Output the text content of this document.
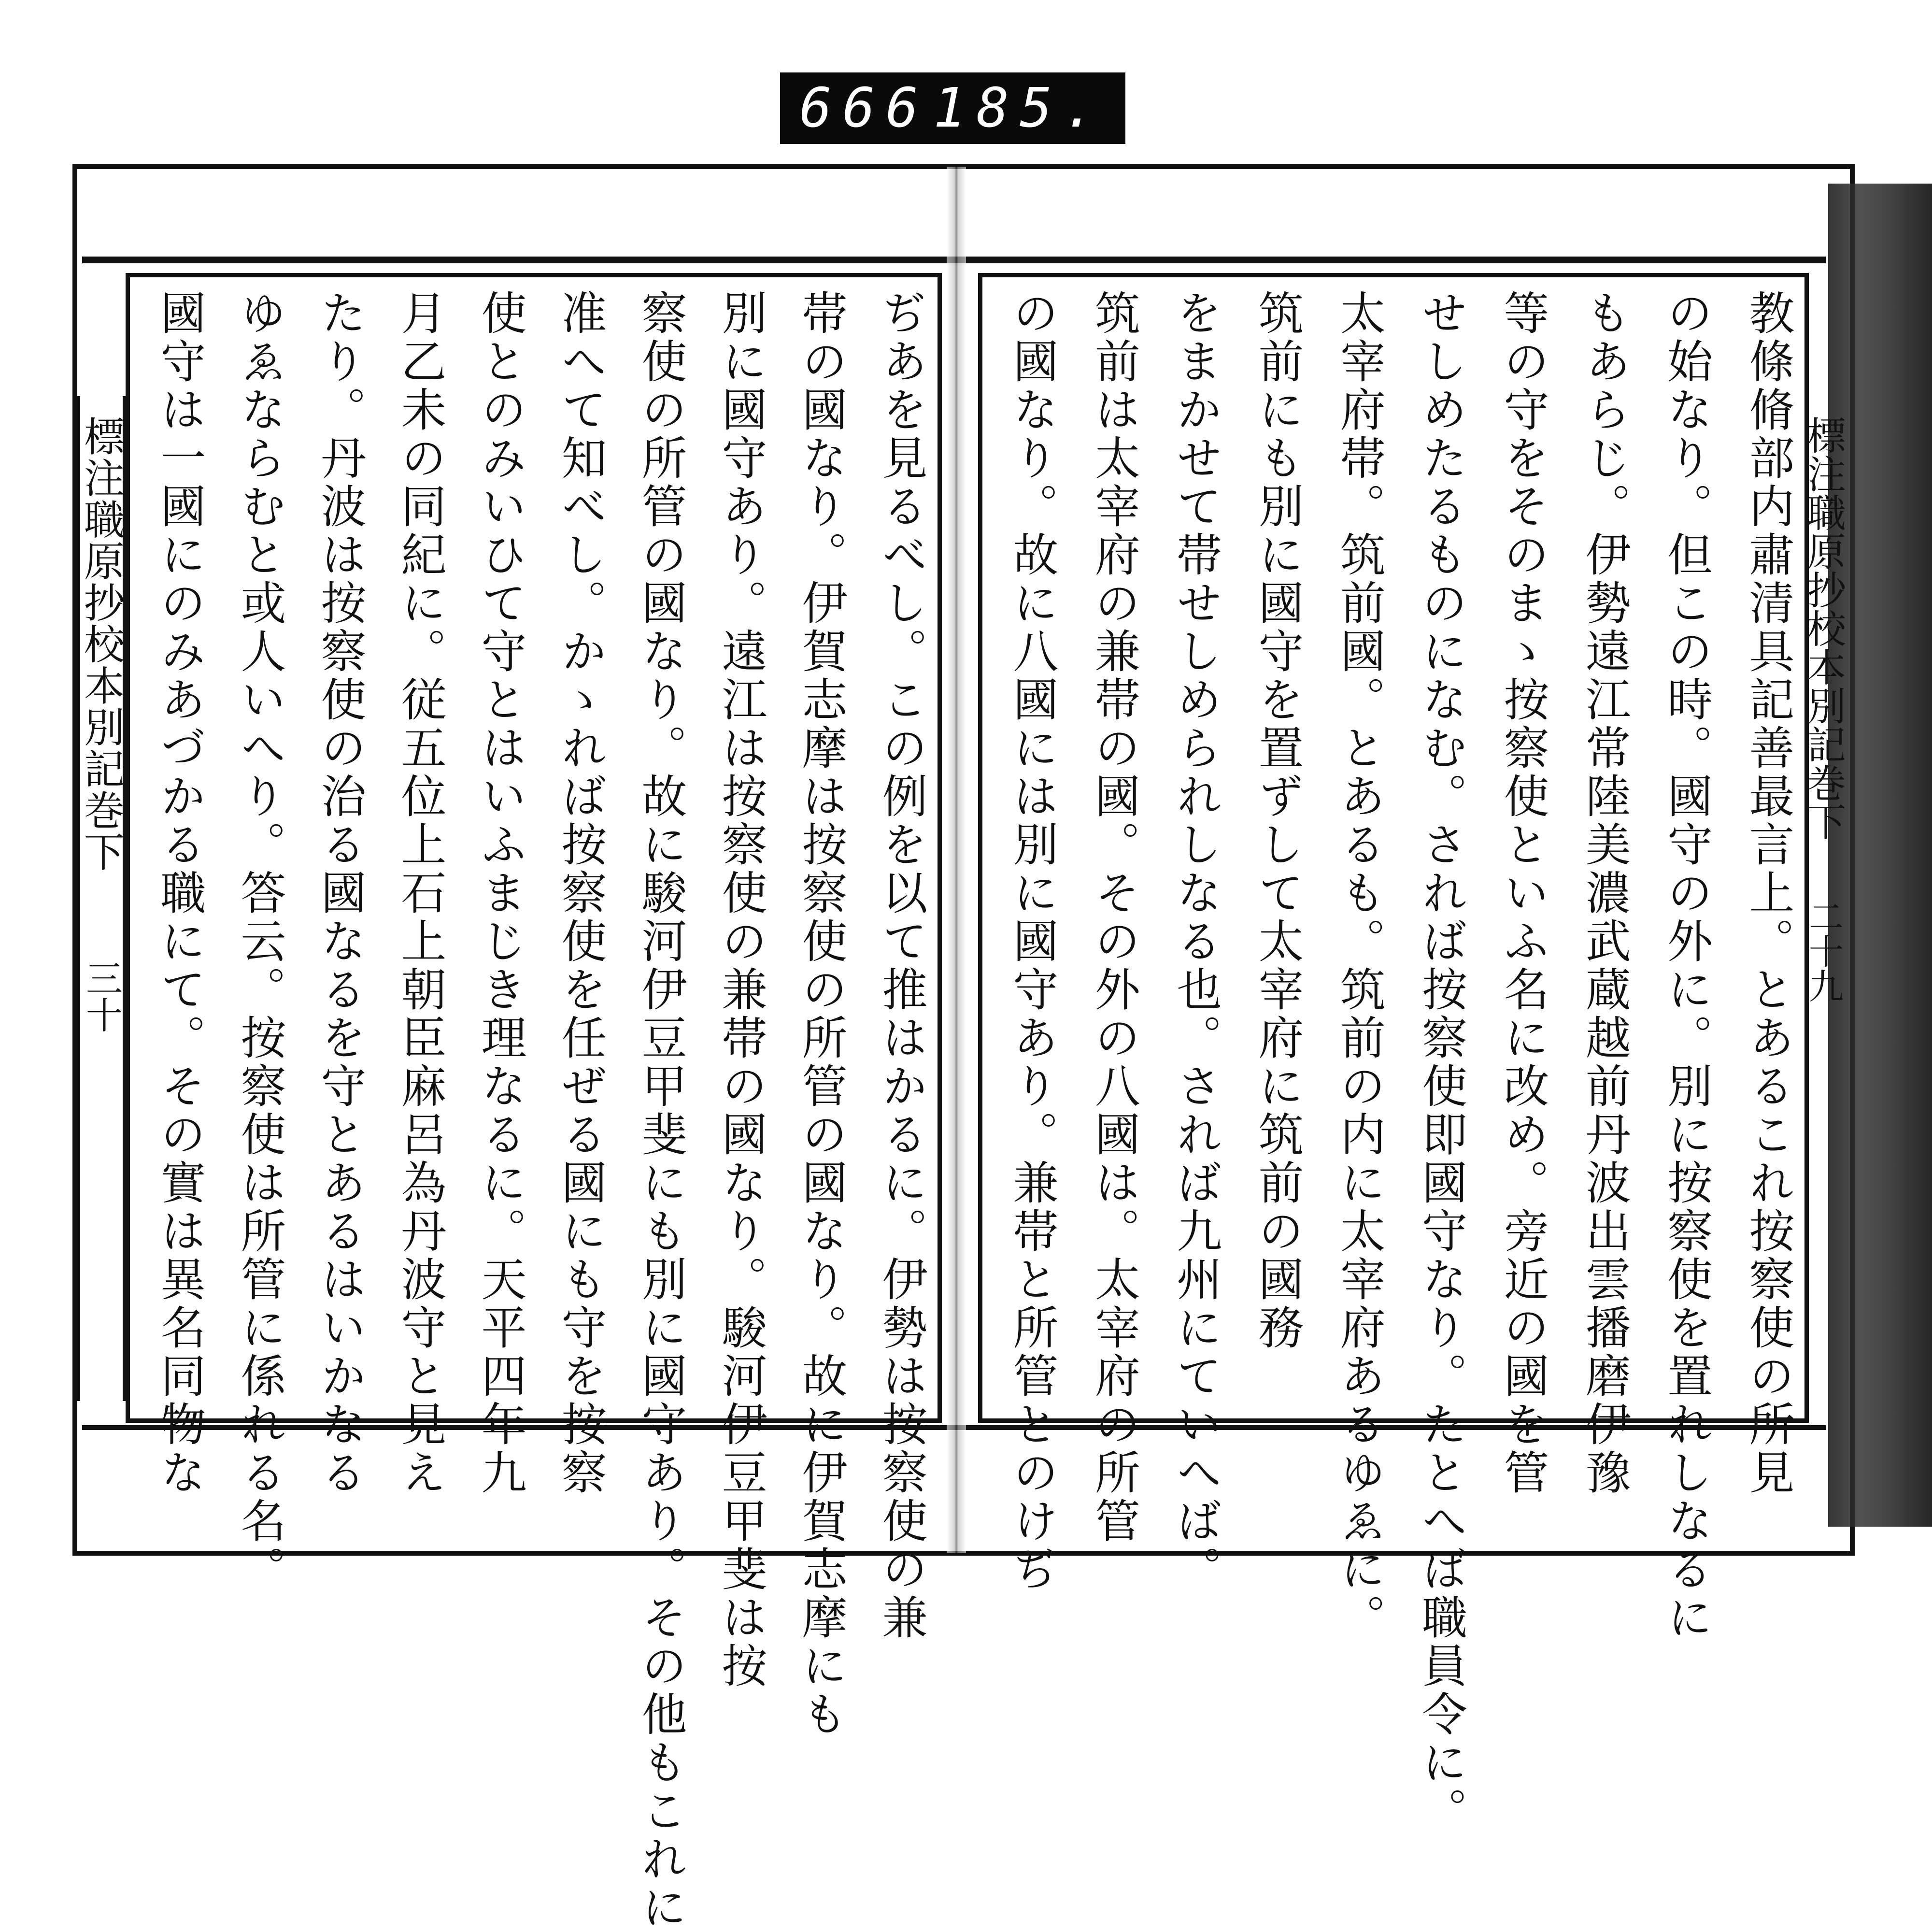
666 185.
標注職原抄校本別記巻下
三十	ぢあを見るべし。この例を以て推はかるに。伊勢は按察使の兼
帯の國なり。伊賀志摩は按察使の所管の國なり。故に伊賀志摩にも
別に國守あり。遠江は按察使の兼帯の國なり。駿河伊豆甲斐は按
察使の所管の國なり。故に駿河伊豆甲斐にも別に國守あり。その他もこれに
准へて知べし。かゝれば按察使を任ぜる國にも守を按察
使とのみいひて守とはいふまじき理なるに。天平四年九
月乙未の同紀に。従五位上石上朝臣麻呂為丹波守と見え
たり。丹波は按察使の治る國なるを守とあるはいかなる
ゆゑならむと或人いへり。答云。按察使は所管に係れる名。
國守は一國にのみあづかる職にて。その實は異名同物な	教條脩部内肅清具記善最言上。とあるこれ按察使の所見
の始なり。但この時。國守の外に。別に按察使を置れしなるに
もあらじ。伊勢遠江常陸美濃武蔵越前丹波出雲播磨伊豫
等の守をそのまゝ按察使といふ名に改め。旁近の國を管
せしめたるものになむ。されば按察使即國守なり。たとへば職員令に。
太宰府帯。筑前國。とあるも。筑前の内に太宰府あるゆゑに。
筑前にも別に國守を置ずして太宰府に筑前の國務
をまかせて帯せしめられしなる也。されば九州にていへば。
筑前は太宰府の兼帯の國。その外の八國は。太宰府の所管
の國なり。故に八國には別に國守あり。兼帯と所管とのけぢ	標注職原抄校本別記巻下
二十九
